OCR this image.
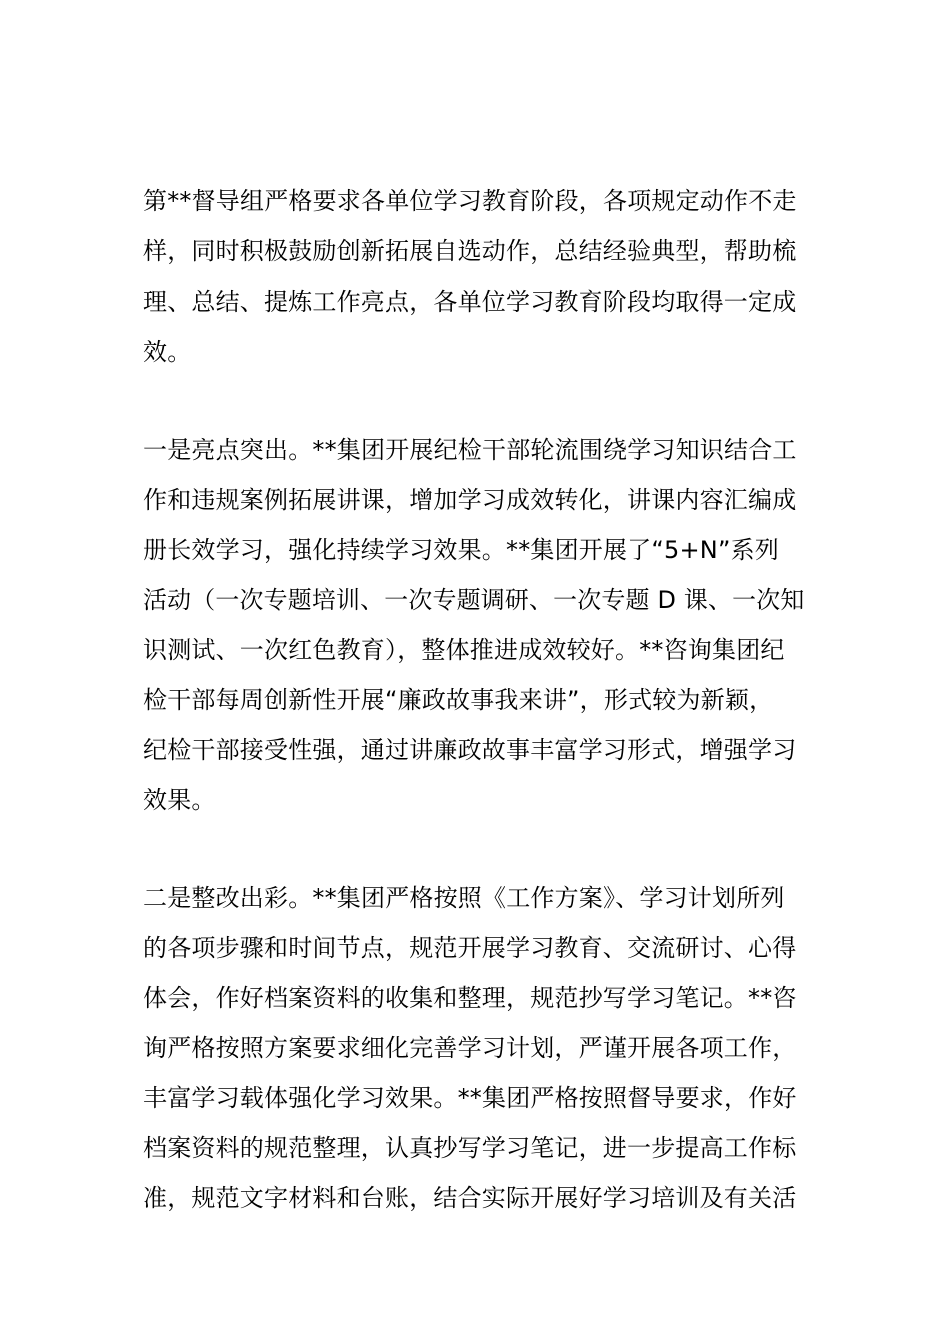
第**督导组严格要求各单位学习教育阶段，各项规定动作不走
样，同时积极鼓励创新拓展自选动作，总结经验典型，帮助梳
理、总结、提炼工作亮点，各单位学习教育阶段均取得一定成
效。
一是亮点突出。**集团开展纪检干部轮流围绕学习知识结合工
作和违规案例拓展讲课，增加学习成效转化，讲课内容汇编成
册长效学习，强化持续学习效果。**集团开展了“5+N”系列
活动（一次专题培训、一次专题调研、一次专题 D 课、一次知
识测试、一次红色教育），整体推进成效较好。**咨询集团纪
检干部每周创新性开展“廉政故事我来讲”，形式较为新颖，
纪检干部接受性强，通过讲廉政故事丰富学习形式，增强学习
效果。
二是整改出彩。**集团严格按照《工作方案》、学习计划所列
的各项步骤和时间节点，规范开展学习教育、交流研讨、心得
体会，作好档案资料的收集和整理，规范抄写学习笔记。**咨
询严格按照方案要求细化完善学习计划，严谨开展各项工作，
丰富学习载体强化学习效果。**集团严格按照督导要求，作好
档案资料的规范整理，认真抄写学习笔记，进一步提高工作标
准，规范文字材料和台账，结合实际开展好学习培训及有关活
